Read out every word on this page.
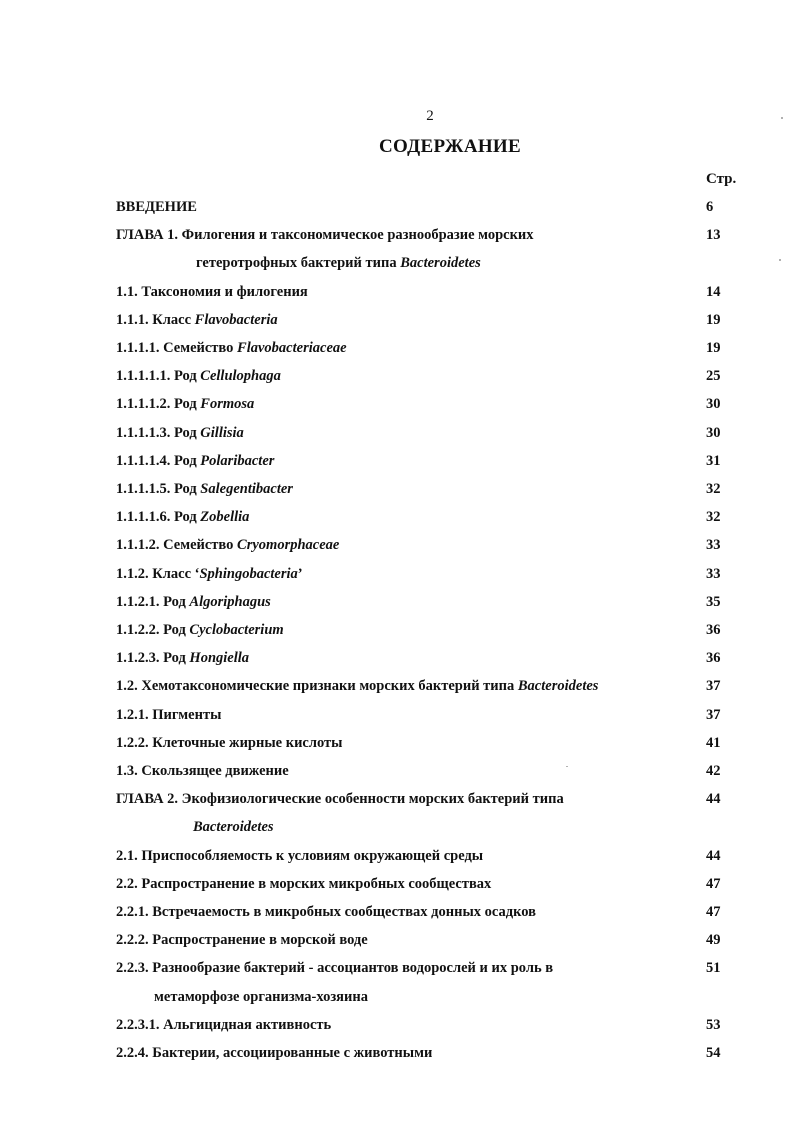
2
СОДЕРЖАНИЕ
Стр.
ВВЕДЕНИЕ	6
ГЛАВА 1. Филогения и таксономическое разнообразие морских	13
гетеротрофных бактерий типа Bacteroidetes
1.1. Таксономия и филогения	14
1.1.1. Класс Flavobacteria	19
1.1.1.1. Семейство Flavobacteriaceae	19
1.1.1.1.1. Род Cellulophaga	25
1.1.1.1.2. Род Formosa	30
1.1.1.1.3. Род Gillisia	30
1.1.1.1.4. Род Polaribacter	31
1.1.1.1.5. Род Salegentibacter	32
1.1.1.1.6. Род Zobellia	32
1.1.1.2. Семейство Cryomorphaceae	33
1.1.2. Класс ‘Sphingobacteria’	33
1.1.2.1. Род Algoriphagus	35
1.1.2.2. Род Cyclobacterium	36
1.1.2.3. Род Hongiella	36
1.2. Хемотаксономические признаки морских бактерий типа Bacteroidetes	37
1.2.1. Пигменты	37
1.2.2. Клеточные жирные кислоты	41
1.3. Скользящее движение	42
ГЛАВА 2. Экофизиологические особенности морских бактерий типа	44
Bacteroidetes
2.1. Приспособляемость к условиям окружающей среды	44
2.2. Распространение в морских микробных сообществах	47
2.2.1. Встречаемость в микробных сообществах донных осадков	47
2.2.2. Распространение в морской воде	49
2.2.3. Разнообразие бактерий - ассоциантов водорослей и их роль в	51
метаморфозе организма-хозяина
2.2.3.1. Альгицидная активность	53
2.2.4. Бактерии, ассоциированные с животными	54
